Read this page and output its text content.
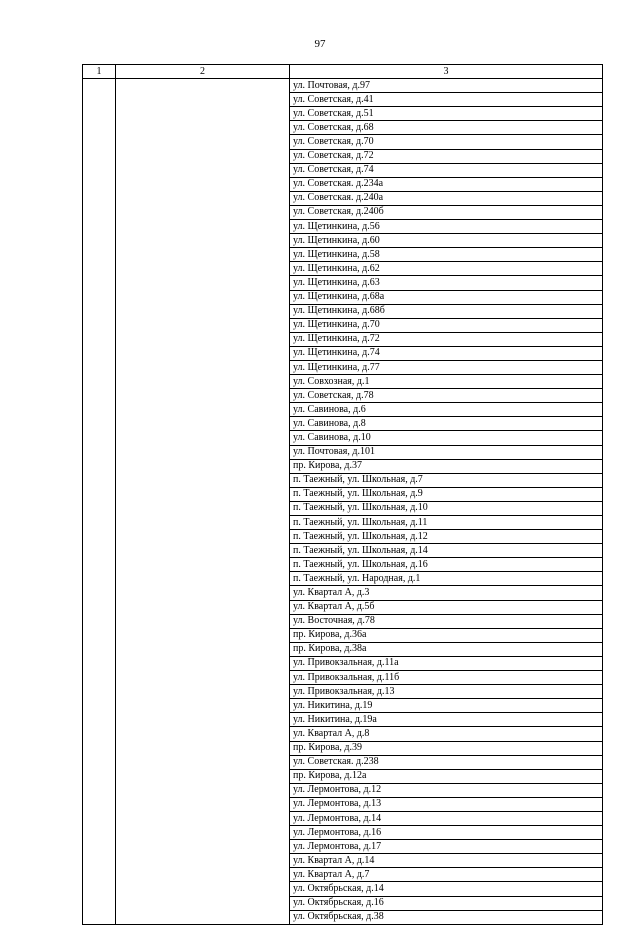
97
1	2	3
		ул. Почтовая, д.97
		ул. Советская, д.41
		ул. Советская, д.51
		ул. Советская, д.68
		ул. Советская, д.70
		ул. Советская, д.72
		ул. Советская, д.74
		ул. Советская. д.234а
		ул. Советская. д.240а
		ул. Советская, д.240б
		ул. Щетинкина, д.56
		ул. Щетинкина, д.60
		ул. Щетинкина, д.58
		ул. Щетинкина, д.62
		ул. Щетинкина, д.63
		ул. Щетинкина, д.68а
		ул. Щетинкина, д.68б
		ул. Щетинкина, д.70
		ул. Щетинкина, д.72
		ул. Щетинкина, д.74
		ул. Щетинкина, д.77
		ул. Совхозная, д.1
		ул. Советская, д.78
		ул. Савинова, д.6
		ул. Савинова, д.8
		ул. Савинова, д.10
		ул. Почтовая, д.101
		пр. Кирова, д.37
		п. Таежный, ул. Школьная, д.7
		п. Таежный, ул. Школьная, д.9
		п. Таежный, ул. Школьная, д.10
		п. Таежный, ул. Школьная, д.11
		п. Таежный, ул. Школьная, д.12
		п. Таежный, ул. Школьная, д.14
		п. Таежный, ул. Школьная, д.16
		п. Таежный, ул. Народная, д.1
		ул. Квартал А, д.3
		ул. Квартал А, д.5б
		ул. Восточная, д.78
		пр. Кирова, д.36а
		пр. Кирова, д.38а
		ул. Привокзальная, д.11а
		ул. Привокзальная, д.11б
		ул. Привокзальная, д.13
		ул. Никитина, д.19
		ул. Никитина, д.19а
		ул. Квартал А, д.8
		пр. Кирова, д.39
		ул. Советская. д.238
		пр. Кирова, д.12а
		ул. Лермонтова, д.12
		ул. Лермонтова, д.13
		ул. Лермонтова, д.14
		ул. Лермонтова, д.16
		ул. Лермонтова, д.17
		ул. Квартал А, д.14
		ул. Квартал А, д.7
		ул. Октябрьская, д.14
		ул. Октябрьская, д.16
		ул. Октябрьская, д.38
